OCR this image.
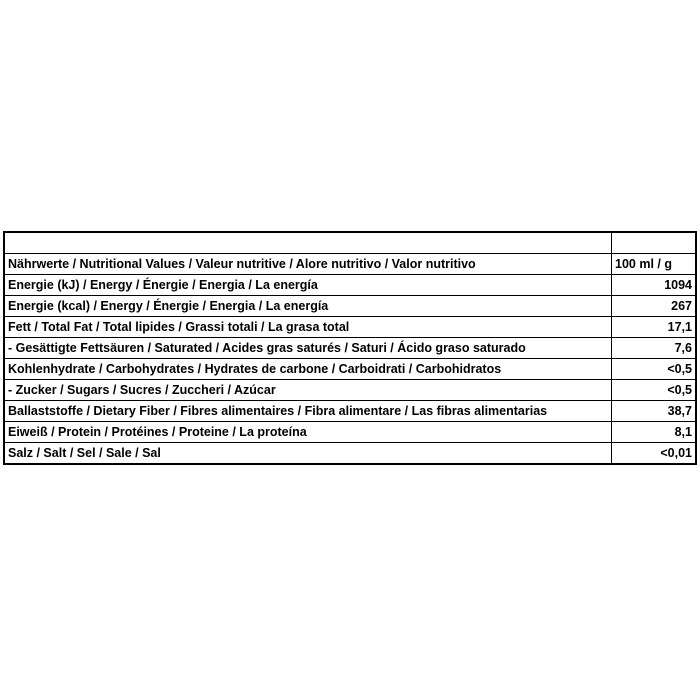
Nährwerte / Nutritional Values / Valeur nutritive / Alore nutritivo / Valor nutritivo	100 ml / g
Energie (kJ) / Energy / Énergie / Energia / La energía	1094
Energie (kcal) / Energy / Énergie / Energia / La energía	267
Fett / Total Fat / Total lipides / Grassi totali / La grasa total	17,1
- Gesättigte Fettsäuren / Saturated / Acides gras saturés / Saturi / Ácido graso saturado	7,6
Kohlenhydrate / Carbohydrates / Hydrates de carbone / Carboidrati / Carbohidratos	<0,5
- Zucker / Sugars / Sucres / Zuccheri / Azúcar	<0,5
Ballaststoffe / Dietary Fiber / Fibres alimentaires / Fibra alimentare / Las fibras alimentarias	38,7
Eiweiß / Protein / Protéines / Proteine / La proteína	8,1
Salz / Salt / Sel / Sale / Sal	<0,01
